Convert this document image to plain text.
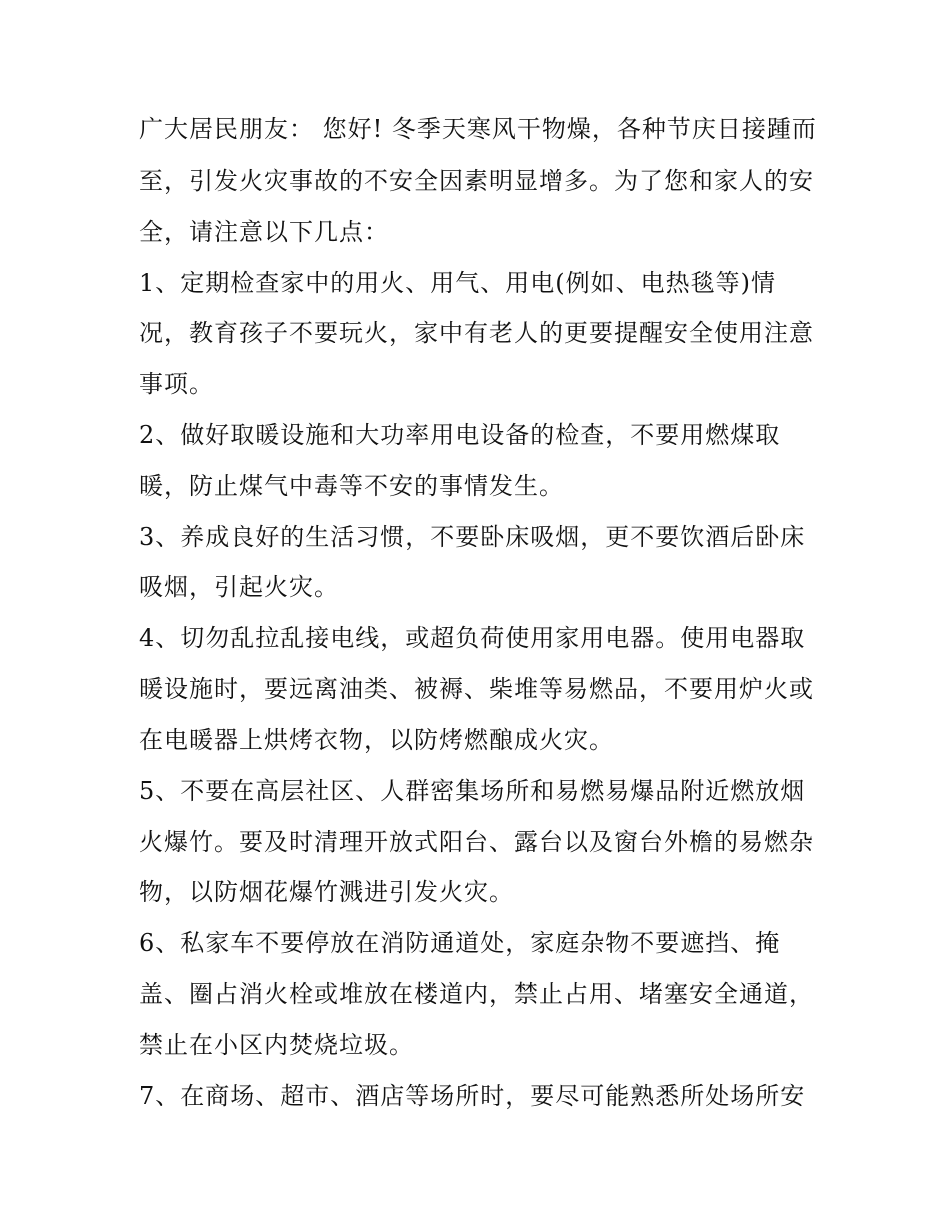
广大居民朋友： 您好! 冬季天寒风干物燥，各种节庆日接踵而
至，引发火灾事故的不安全因素明显增多。为了您和家人的安
全，请注意以下几点：
1、定期检查家中的用火、用气、用电(例如、电热毯等)情
况，教育孩子不要玩火，家中有老人的更要提醒安全使用注意
事项。
2、做好取暖设施和大功率用电设备的检查，不要用燃煤取
暖，防止煤气中毒等不安的事情发生。
3、养成良好的生活习惯，不要卧床吸烟，更不要饮酒后卧床
吸烟，引起火灾。
4、切勿乱拉乱接电线，或超负荷使用家用电器。使用电器取
暖设施时，要远离油类、被褥、柴堆等易燃品，不要用炉火或
在电暖器上烘烤衣物，以防烤燃酿成火灾。
5、不要在高层社区、人群密集场所和易燃易爆品附近燃放烟
火爆竹。要及时清理开放式阳台、露台以及窗台外檐的易燃杂
物，以防烟花爆竹溅进引发火灾。
6、私家车不要停放在消防通道处，家庭杂物不要遮挡、掩
盖、圈占消火栓或堆放在楼道内，禁止占用、堵塞安全通道，
禁止在小区内焚烧垃圾。
7、在商场、超市、酒店等场所时，要尽可能熟悉所处场所安
